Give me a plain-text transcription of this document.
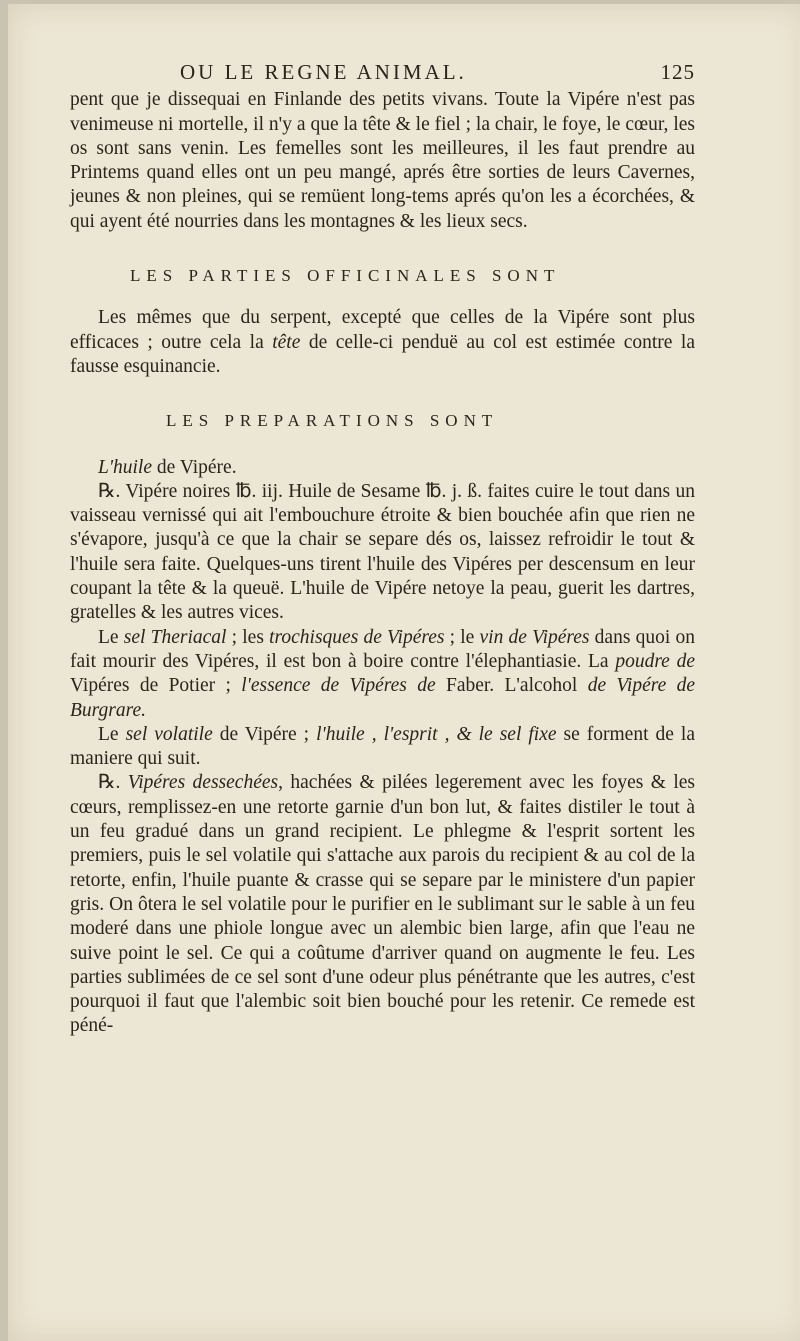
OU LE REGNE ANIMAL.	125

pent que je dissequai en Finlande des petits vivans. Toute la Vipére n'est pas venimeuse ni mortelle, il n'y a que la tête & le fiel ; la chair, le foye, le cœur, les os sont sans venin. Les femelles sont les meilleures, il les faut prendre au Printems quand elles ont un peu mangé, aprés être sorties de leurs Cavernes, jeunes & non pleines, qui se remüent long-tems aprés qu'on les a écorchées, & qui ayent été nourries dans les montagnes & les lieux secs.

LES PARTIES OFFICINALES SONT

Les mêmes que du serpent, excepté que celles de la Vipére sont plus efficaces ; outre cela la tête de celle-ci penduë au col est estimée contre la fausse esquinancie.

LES PREPARATIONS SONT

L'huile de Vipére.

℞. Vipére noires ℔. iij. Huile de Sesame ℔. j. ß. faites cuire le tout dans un vaisseau vernissé qui ait l'embouchure étroite & bien bouchée afin que rien ne s'évapore, jusqu'à ce que la chair se separe dés os, laissez refroidir le tout & l'huile sera faite. Quelques-uns tirent l'huile des Vipéres per descensum en leur coupant la tête & la queuë. L'huile de Vipére netoye la peau, guerit les dartres, gratelles & les autres vices.

Le sel Theriacal ; les trochisques de Vipéres ; le vin de Vipéres dans quoi on fait mourir des Vipéres, il est bon à boire contre l'élephantiasie. La poudre de Vipéres de Potier ; l'essence de Vipéres de Faber. L'alcohol de Vipére de Burgrare.

Le sel volatile de Vipére ; l'huile , l'esprit , & le sel fixe se forment de la maniere qui suit.

℞. Vipéres dessechées, hachées & pilées legerement avec les foyes & les cœurs, remplissez-en une retorte garnie d'un bon lut, & faites distiler le tout à un feu gradué dans un grand recipient. Le phlegme & l'esprit sortent les premiers, puis le sel volatile qui s'attache aux parois du recipient & au col de la retorte, enfin, l'huile puante & crasse qui se separe par le ministere d'un papier gris. On ôtera le sel volatile pour le purifier en le sublimant sur le sable à un feu moderé dans une phiole longue avec un alembic bien large, afin que l'eau ne suive point le sel. Ce qui a coûtume d'arriver quand on augmente le feu. Les parties sublimées de ce sel sont d'une odeur plus pénétrante que les autres, c'est pourquoi il faut que l'alembic soit bien bouché pour les retenir. Ce remede est péné-
